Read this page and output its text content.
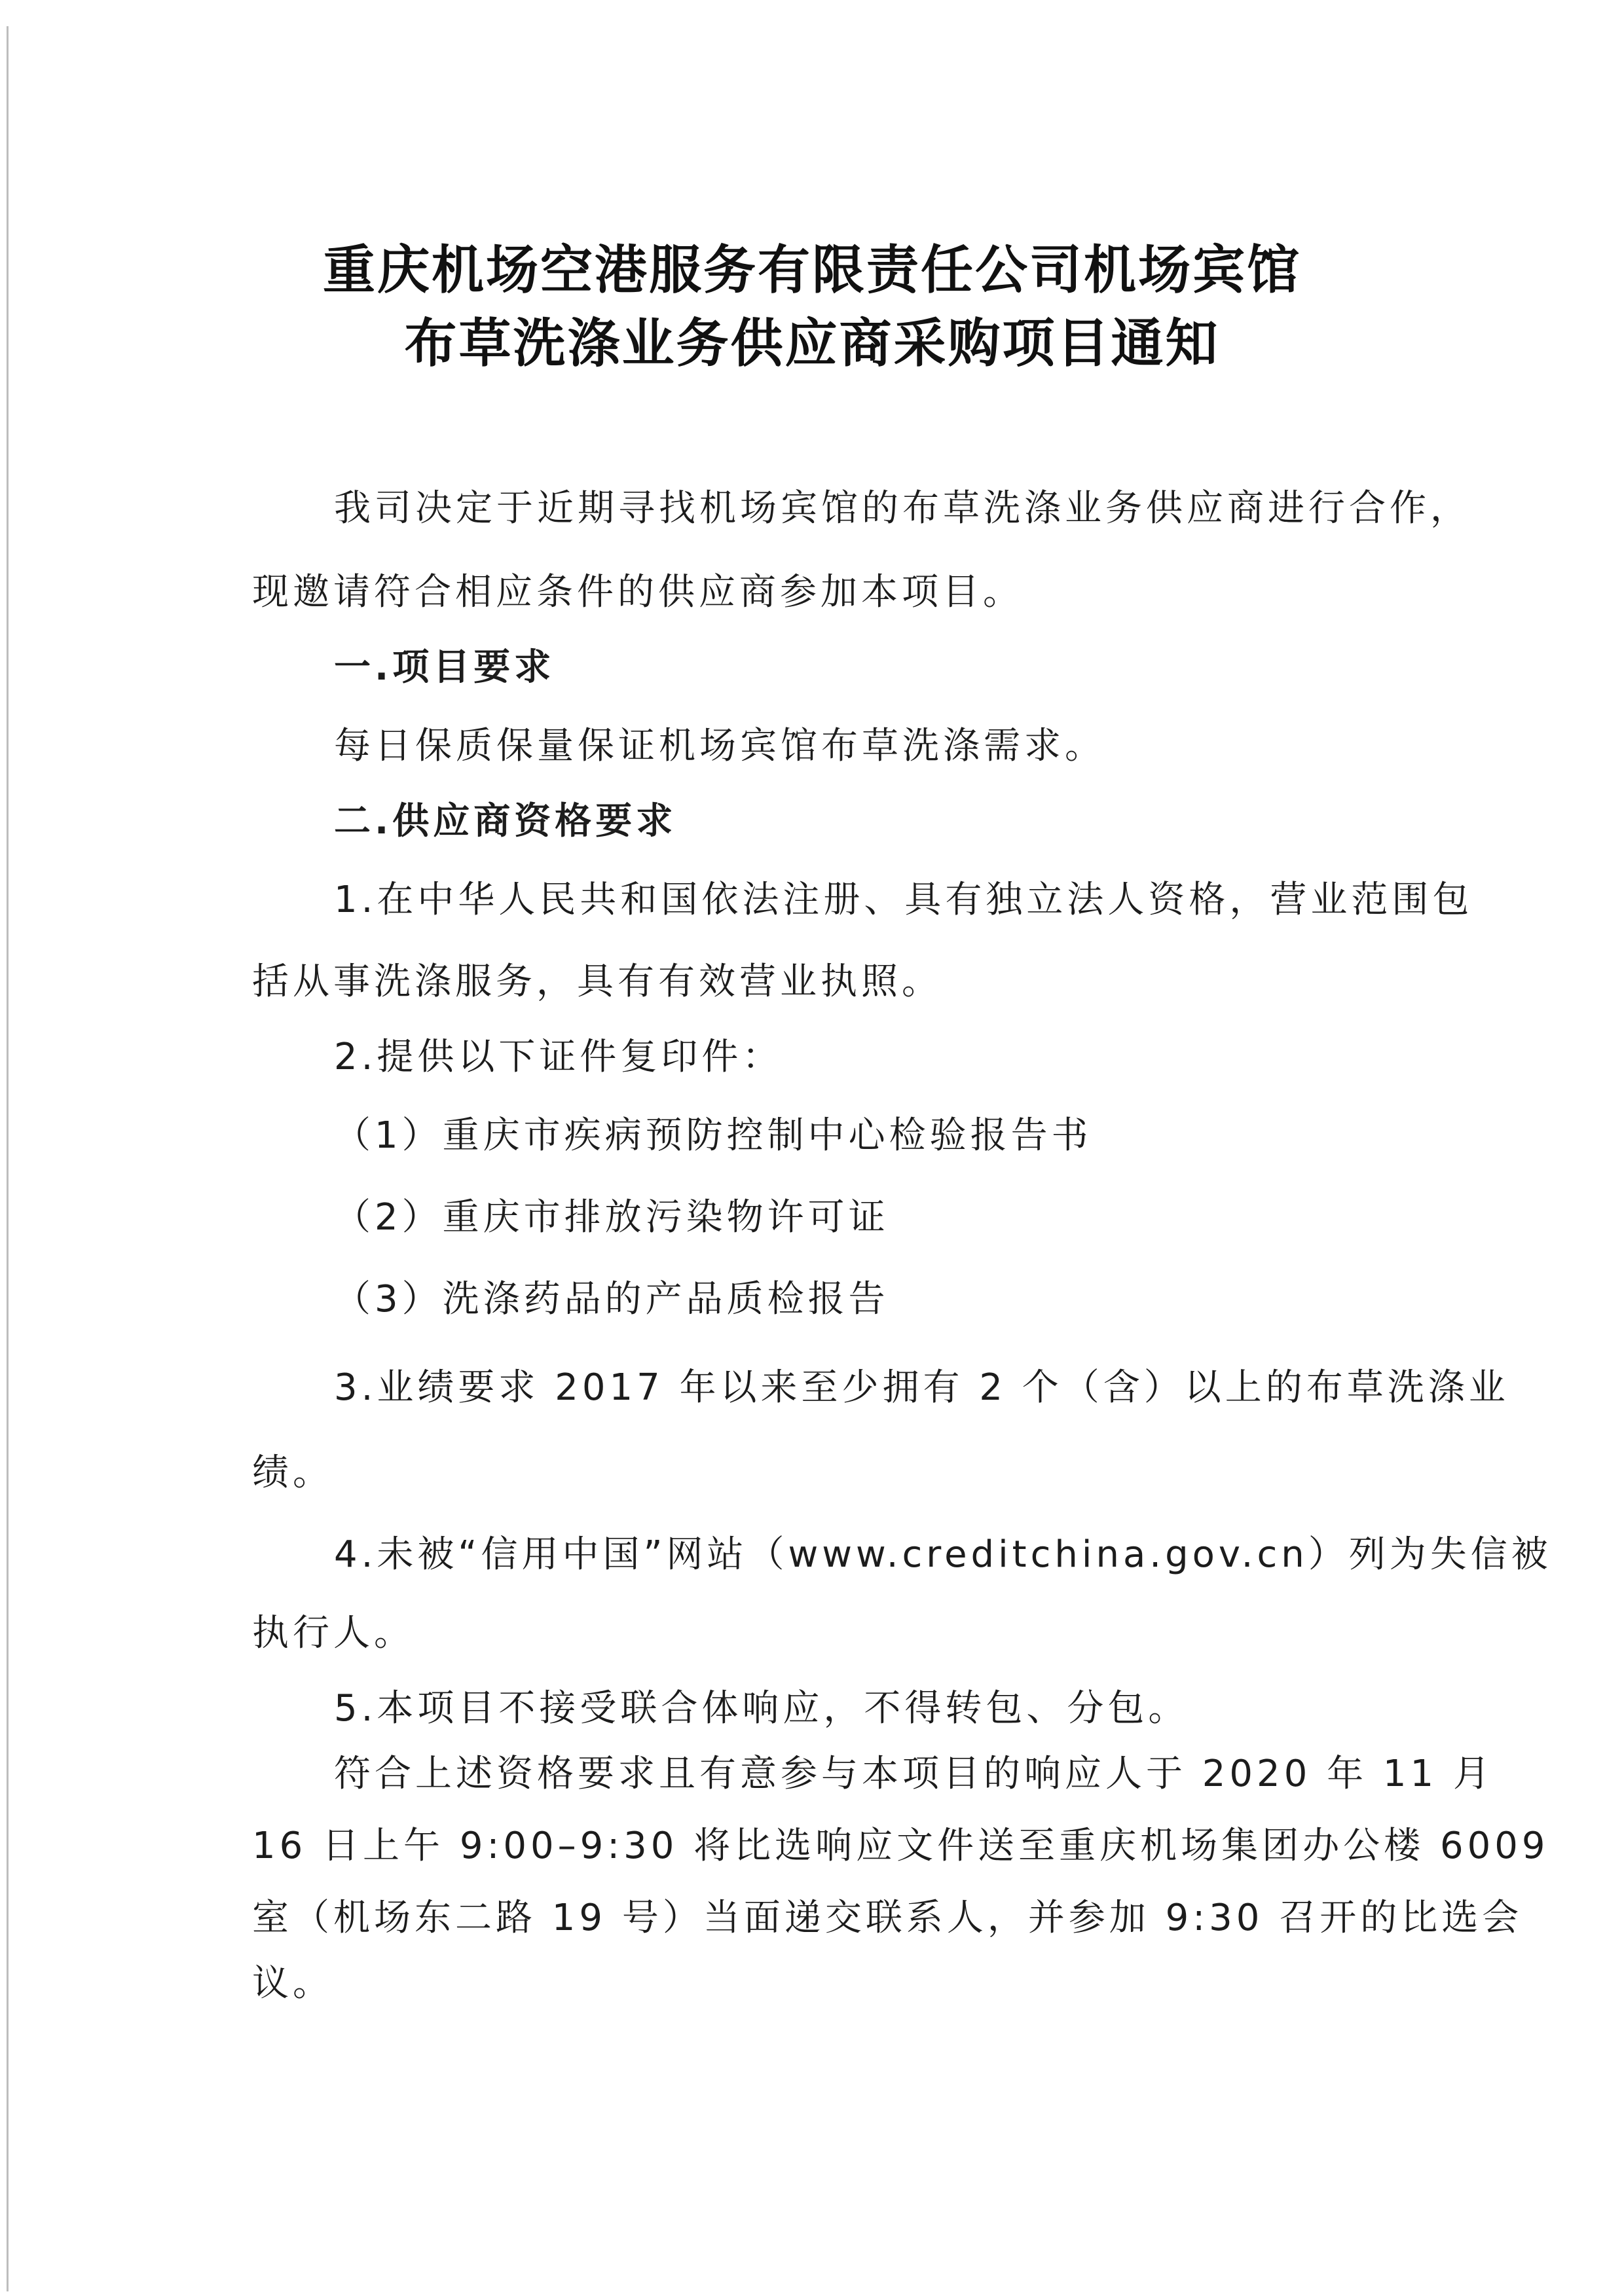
重庆机场空港服务有限责任公司机场宾馆
布草洗涤业务供应商采购项目通知
我司决定于近期寻找机场宾馆的布草洗涤业务供应商进行合作，
现邀请符合相应条件的供应商参加本项目。
一.项目要求
每日保质保量保证机场宾馆布草洗涤需求。
二.供应商资格要求
1.在中华人民共和国依法注册、具有独立法人资格，营业范围包
括从事洗涤服务，具有有效营业执照。
2.提供以下证件复印件：
（1）重庆市疾病预防控制中心检验报告书
（2）重庆市排放污染物许可证
（3）洗涤药品的产品质检报告
3.业绩要求 2017 年以来至少拥有 2 个（含）以上的布草洗涤业
绩。
4.未被“信用中国”网站（www.creditchina.gov.cn）列为失信被
执行人。
5.本项目不接受联合体响应，不得转包、分包。
符合上述资格要求且有意参与本项目的响应人于 2020 年 11 月
16 日上午 9:00–9:30 将比选响应文件送至重庆机场集团办公楼 6009
室（机场东二路 19 号）当面递交联系人，并参加 9:30 召开的比选会
议。
